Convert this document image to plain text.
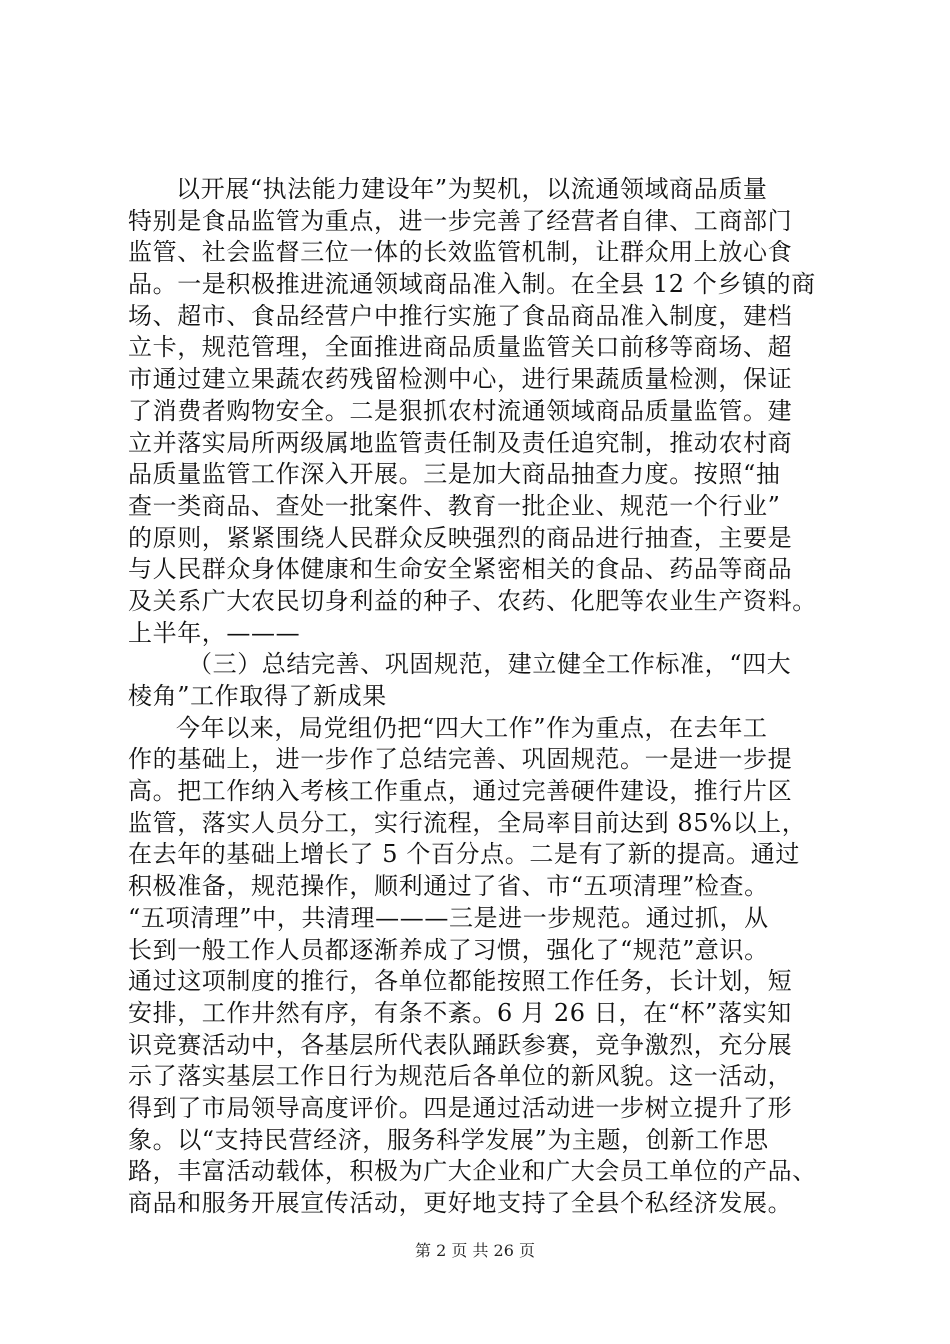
以开展“执法能力建设年”为契机，以流通领域商品质量
特别是食品监管为重点，进一步完善了经营者自律、工商部门
监管、社会监督三位一体的长效监管机制，让群众用上放心食
品。一是积极推进流通领域商品准入制。在全县 12 个乡镇的商
场、超市、食品经营户中推行实施了食品商品准入制度，建档
立卡，规范管理，全面推进商品质量监管关口前移等商场、超
市通过建立果蔬农药残留检测中心，进行果蔬质量检测，保证
了消费者购物安全。二是狠抓农村流通领域商品质量监管。建
立并落实局所两级属地监管责任制及责任追究制，推动农村商
品质量监管工作深入开展。三是加大商品抽查力度。按照“抽
查一类商品、查处一批案件、教育一批企业、规范一个行业”
的原则，紧紧围绕人民群众反映强烈的商品进行抽查，主要是
与人民群众身体健康和生命安全紧密相关的食品、药品等商品
及关系广大农民切身利益的种子、农药、化肥等农业生产资料。
上半年，———
（三）总结完善、巩固规范，建立健全工作标准，“四大
棱角”工作取得了新成果
今年以来，局党组仍把“四大工作”作为重点，在去年工
作的基础上，进一步作了总结完善、巩固规范。一是进一步提
高。把工作纳入考核工作重点，通过完善硬件建设，推行片区
监管，落实人员分工，实行流程，全局率目前达到 85%以上，
在去年的基础上增长了 5 个百分点。二是有了新的提高。通过
积极准备，规范操作，顺利通过了省、市“五项清理”检查。
“五项清理”中，共清理———三是进一步规范。通过抓，从
长到一般工作人员都逐渐养成了习惯，强化了“规范”意识。
通过这项制度的推行，各单位都能按照工作任务，长计划，短
安排，工作井然有序，有条不紊。6 月 26 日，在“杯”落实知
识竞赛活动中，各基层所代表队踊跃参赛，竞争激烈，充分展
示了落实基层工作日行为规范后各单位的新风貌。这一活动，
得到了市局领导高度评价。四是通过活动进一步树立提升了形
象。以“支持民营经济，服务科学发展”为主题，创新工作思
路，丰富活动载体，积极为广大企业和广大会员工单位的产品、
商品和服务开展宣传活动，更好地支持了全县个私经济发展。
第 2 页 共 26 页
